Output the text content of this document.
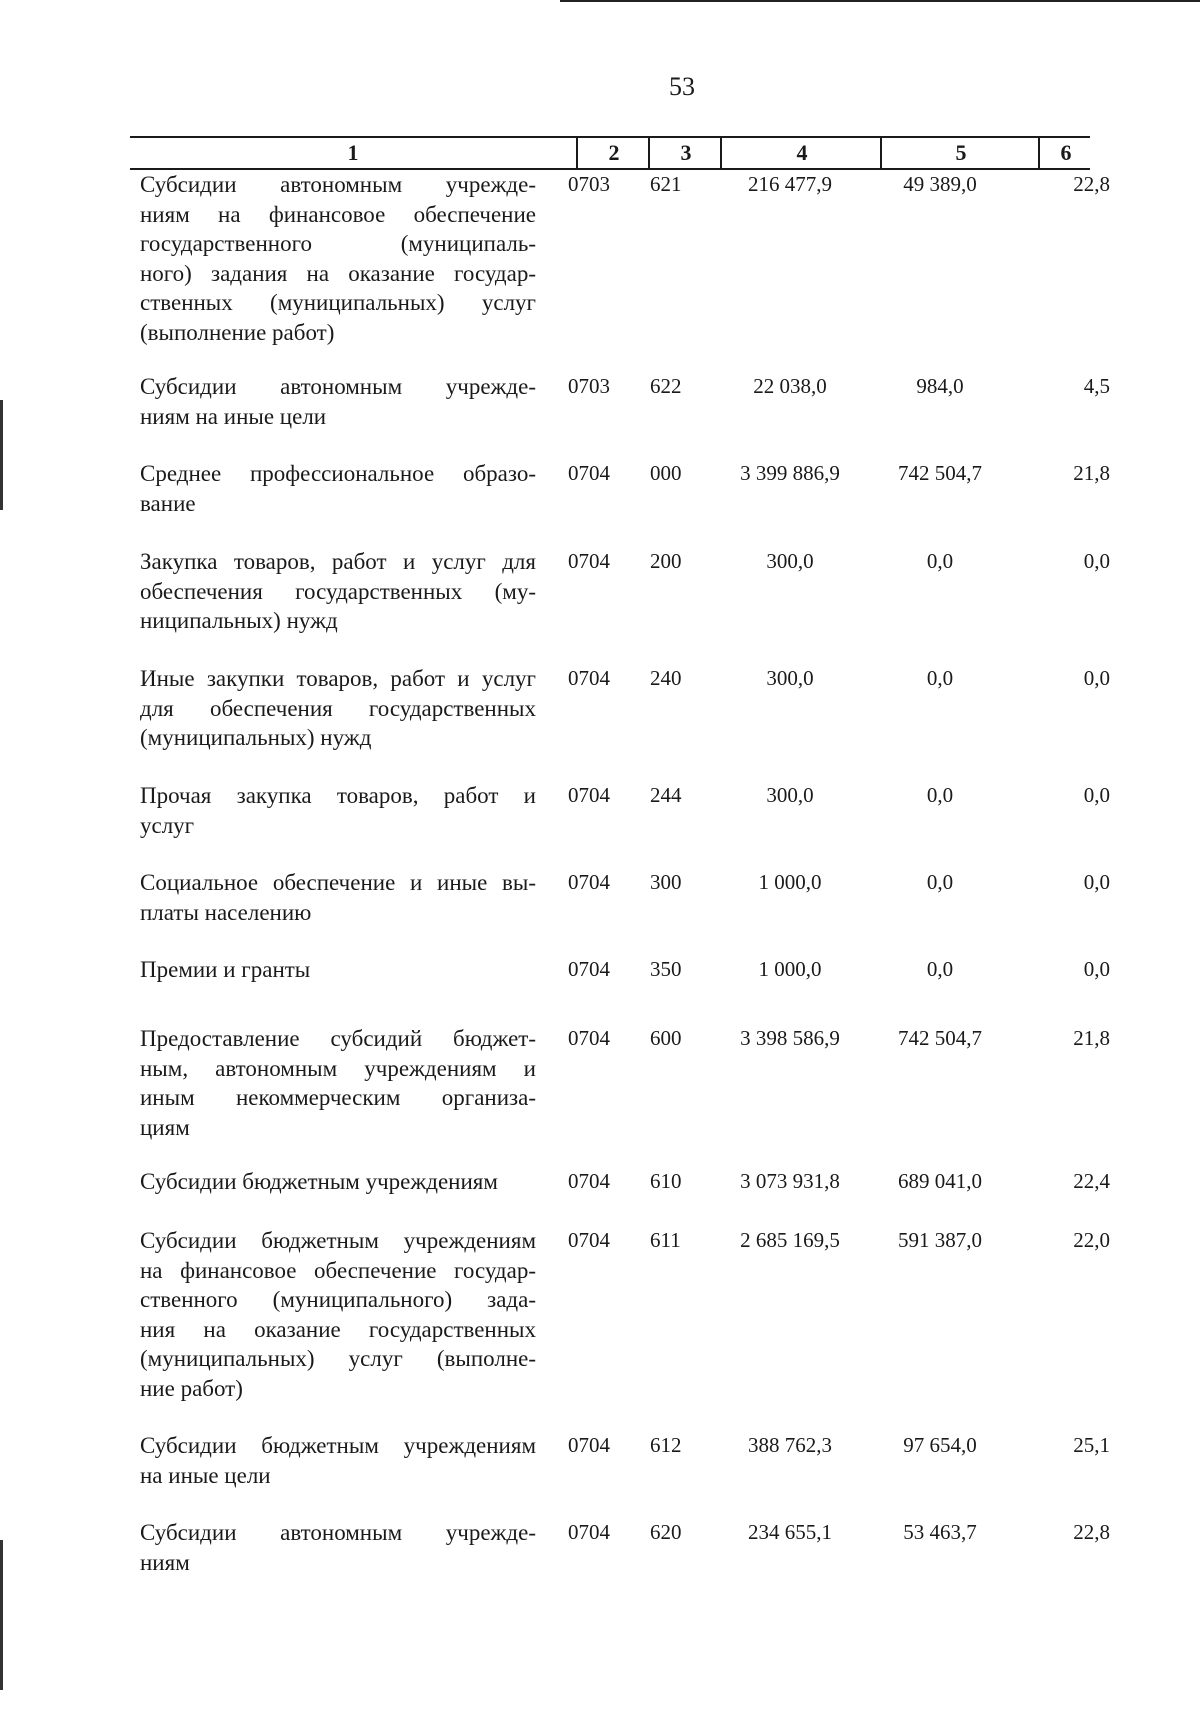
53
1	2	3	4	5	6
Субсидии автономным учрежде-
ниям на финансовое обеспечение
государственного (муниципаль-
ного) задания на оказание государ-
ственных (муниципальных) услуг
(выполнение работ)
0703 621	216 477,9	49 389,0	22,8
Субсидии автономным учрежде-
ниям на иные цели
0703 622	22 038,0	984,0	4,5
Среднее профессиональное образо-
вание
0704 000	3 399 886,9	742 504,7	21,8
Закупка товаров, работ и услуг для
обеспечения государственных (му-
ниципальных) нужд
0704 200	300,0	0,0	0,0
Иные закупки товаров, работ и услуг
для обеспечения государственных
(муниципальных) нужд
0704 240	300,0	0,0	0,0
Прочая закупка товаров, работ и
услуг
0704 244	300,0	0,0	0,0
Социальное обеспечение и иные вы-
платы населению
0704 300	1 000,0	0,0	0,0
Премии и гранты	0704 350	1 000,0	0,0	0,0
Предоставление субсидий бюджет-
ным, автономным учреждениям и
иным некоммерческим организа-
циям
0704 600	3 398 586,9	742 504,7	21,8
Субсидии бюджетным учреждениям	0704 610	3 073 931,8	689 041,0	22,4
Субсидии бюджетным учреждениям
на финансовое обеспечение государ-
ственного (муниципального) зада-
ния на оказание государственных
(муниципальных) услуг (выполне-
ние работ)
0704 611	2 685 169,5	591 387,0	22,0
Субсидии бюджетным учреждениям
на иные цели
0704 612	388 762,3	97 654,0	25,1
Субсидии автономным учрежде-
ниям
0704 620	234 655,1	53 463,7	22,8
